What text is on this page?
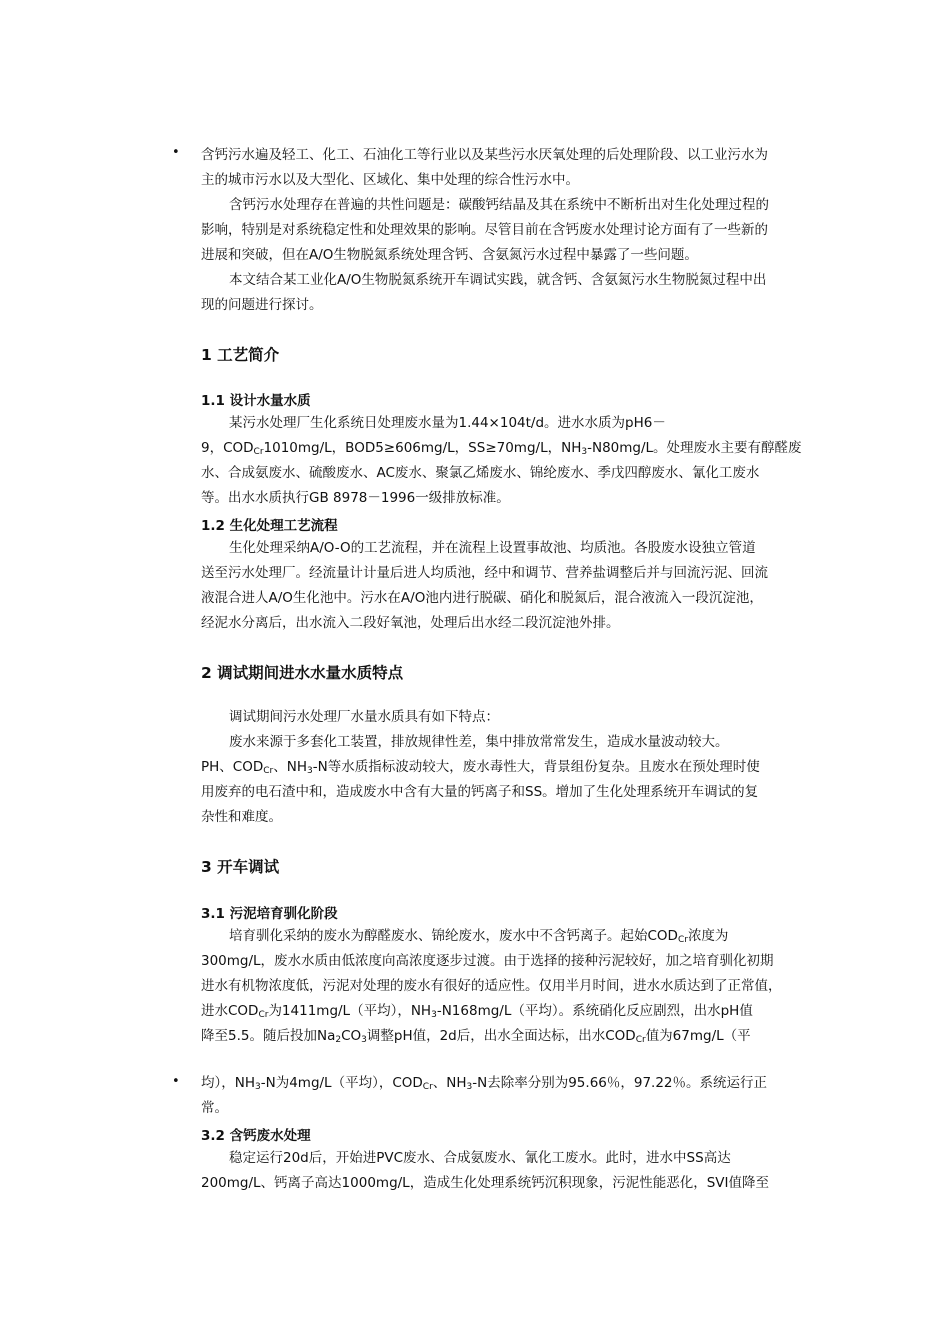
• 含钙污水遍及轻工、化工、石油化工等行业以及某些污水厌氧处理的后处理阶段、以工业污水为
主的城市污水以及大型化、区域化、集中处理的综合性污水中。
含钙污水处理存在普遍的共性问题是：碳酸钙结晶及其在系统中不断析出对生化处理过程的
影响，特别是对系统稳定性和处理效果的影响。尽管目前在含钙废水处理讨论方面有了一些新的
进展和突破，但在A/O生物脱氮系统处理含钙、含氨氮污水过程中暴露了一些问题。
本文结合某工业化A/O生物脱氮系统开车调试实践，就含钙、含氨氮污水生物脱氮过程中出
现的问题进行探讨。
1 工艺简介
1.1 设计水量水质
某污水处理厂生化系统日处理废水量为1.44×104t/d。进水水质为pH6－
9，$COD_{Cr}1010mg/L$，BOD5≥606mg/L，SS≥70mg/L，$NH_3-N80mg/L$。处理废水主要有醇醛废
水、合成氨废水、硫酸废水、AC废水、聚氯乙烯废水、锦纶废水、季戊四醇废水、氰化工废水
等。出水水质执行GB 8978－1996一级排放标准。
1.2 生化处理工艺流程
生化处理采纳A/O-O的工艺流程，并在流程上设置事故池、均质池。各股废水设独立管道
送至污水处理厂。经流量计计量后进人均质池，经中和调节、营养盐调整后并与回流污泥、回流
液混合进人A/O生化池中。污水在A/O池内进行脱碳、硝化和脱氮后，混合液流入一段沉淀池，
经泥水分离后，出水流入二段好氧池，处理后出水经二段沉淀池外排。
2 调试期间进水水量水质特点
调试期间污水处理厂水量水质具有如下特点：
废水来源于多套化工装置，排放规律性差，集中排放常常发生，造成水量波动较大。
PH、$COD_{Cr}$、$NH_3-N$等水质指标波动较大，废水毒性大，背景组份复杂。且废水在预处理时使
用废弃的电石渣中和，造成废水中含有大量的钙离子和SS。增加了生化处理系统开车调试的复
杂性和难度。
3 开车调试
3.1 污泥培育驯化阶段
培育驯化采纳的废水为醇醛废水、锦纶废水，废水中不含钙离子。起始$COD_{Cr}$浓度为
300mg/L，废水水质由低浓度向高浓度逐步过渡。由于选择的接种污泥较好，加之培育驯化初期
进水有机物浓度低，污泥对处理的废水有很好的适应性。仅用半月时间，进水水质达到了正常值，
进水$COD_{Cr}$为1411mg/L（平均），$NH_3-N168mg/L$（平均）。系统硝化反应剧烈，出水pH值
降至5.5。随后投加$Na_2CO_3$调整pH值，2d后，出水全面达标，出水$COD_{Cr}$值为67mg/L（平
• 均），$NH_3-N$为4mg/L（平均），$COD_{Cr}$、$NH_3-N$去除率分别为95.66％，97.22％。系统运行正
常。
3.2 含钙废水处理
稳定运行20d后，开始进PVC废水、合成氨废水、氰化工废水。此时，进水中SS高达
200mg/L、钙离子高达1000mg/L，造成生化处理系统钙沉积现象，污泥性能恶化，SVI值降至
